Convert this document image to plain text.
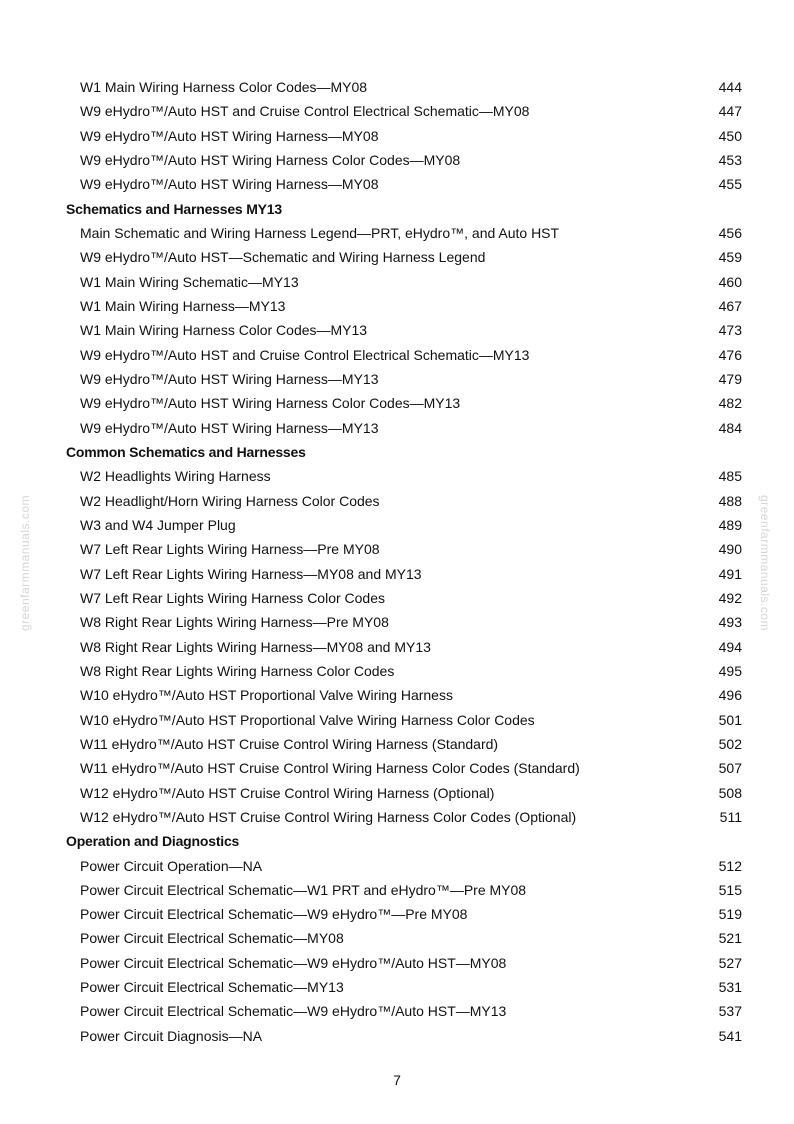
greenfarmmanuals.com	greenfarmmanuals.com
W1 Main Wiring Harness Color Codes—MY08	444
W9 eHydro™/Auto HST and Cruise Control Electrical Schematic—MY08	447
W9 eHydro™/Auto HST Wiring Harness—MY08	450
W9 eHydro™/Auto HST Wiring Harness Color Codes—MY08	453
W9 eHydro™/Auto HST Wiring Harness—MY08	455
Schematics and Harnesses MY13
Main Schematic and Wiring Harness Legend—PRT, eHydro™, and Auto HST	456
W9 eHydro™/Auto HST—Schematic and Wiring Harness Legend	459
W1 Main Wiring Schematic—MY13	460
W1 Main Wiring Harness—MY13	467
W1 Main Wiring Harness Color Codes—MY13	473
W9 eHydro™/Auto HST and Cruise Control Electrical Schematic—MY13	476
W9 eHydro™/Auto HST Wiring Harness—MY13	479
W9 eHydro™/Auto HST Wiring Harness Color Codes—MY13	482
W9 eHydro™/Auto HST Wiring Harness—MY13	484
Common Schematics and Harnesses
W2 Headlights Wiring Harness	485
W2 Headlight/Horn Wiring Harness Color Codes	488
W3 and W4 Jumper Plug	489
W7 Left Rear Lights Wiring Harness—Pre MY08	490
W7 Left Rear Lights Wiring Harness—MY08 and MY13	491
W7 Left Rear Lights Wiring Harness Color Codes	492
W8 Right Rear Lights Wiring Harness—Pre MY08	493
W8 Right Rear Lights Wiring Harness—MY08 and MY13	494
W8 Right Rear Lights Wiring Harness Color Codes	495
W10 eHydro™/Auto HST Proportional Valve Wiring Harness	496
W10 eHydro™/Auto HST Proportional Valve Wiring Harness Color Codes	501
W11 eHydro™/Auto HST Cruise Control Wiring Harness (Standard)	502
W11 eHydro™/Auto HST Cruise Control Wiring Harness Color Codes (Standard)	507
W12 eHydro™/Auto HST Cruise Control Wiring Harness (Optional)	508
W12 eHydro™/Auto HST Cruise Control Wiring Harness Color Codes (Optional)	511
Operation and Diagnostics
Power Circuit Operation—NA	512
Power Circuit Electrical Schematic—W1 PRT and eHydro™—Pre MY08	515
Power Circuit Electrical Schematic—W9 eHydro™—Pre MY08	519
Power Circuit Electrical Schematic—MY08	521
Power Circuit Electrical Schematic—W9 eHydro™/Auto HST—MY08	527
Power Circuit Electrical Schematic—MY13	531
Power Circuit Electrical Schematic—W9 eHydro™/Auto HST—MY13	537
Power Circuit Diagnosis—NA	541
7
